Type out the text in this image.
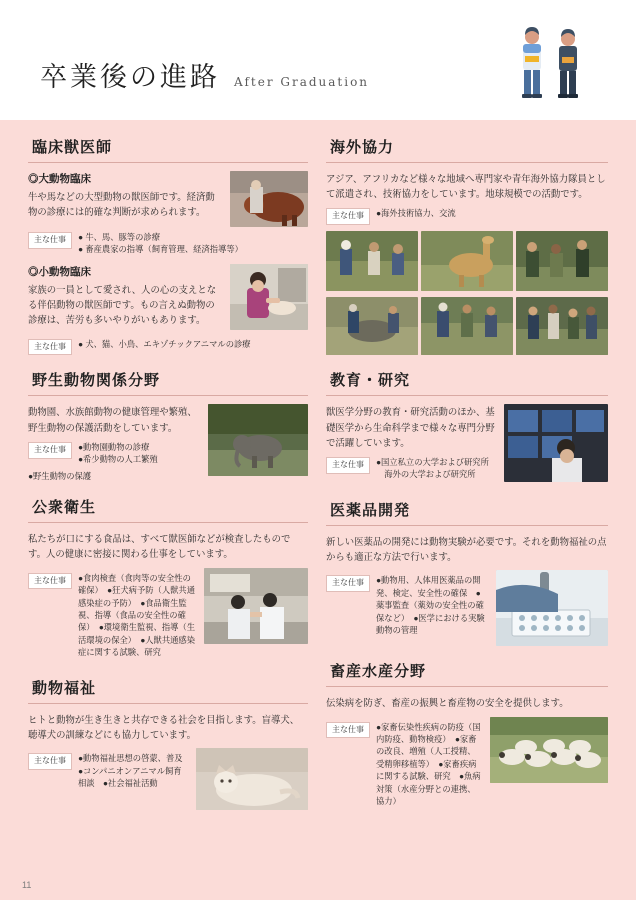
卒業後の進路 After Graduation
臨床獣医師
◎大動物臨床
牛や馬などの大型動物の獣医師です。経済動物の診療には的確な判断が求められます。
主な仕事	● 牛、馬、豚等の診療
● 畜産農家の指導（飼育管理、経済指導等）
◎小動物臨床
家族の一員として愛され、人の心の支えとなる伴侶動物の獣医師です。もの言えぬ動物の診療は、苦労も多いやりがいもあります。
主な仕事	● 犬、猫、小鳥、エキゾチックアニマルの診療
野生動物関係分野
動物園、水族館動物の健康管理や繁殖、野生動物の保護活動をしています。
主な仕事	●動物園動物の診療
●希少動物の人工繁殖
●野生動物の保護
公衆衛生
私たちが口にする食品は、すべて獣医師などが検査したものです。人の健康に密接に関わる仕事をしています。
主な仕事	●食肉検査（食肉等の安全性の確保）　●狂犬病予防（人獣共通感染症の予防）　●食品衛生監視、指導（食品の安全性の確保）　●環境衛生監視、指導（生活環境の保全）　●人獣共通感染症に関する試験、研究
動物福祉
ヒトと動物が生き生きと共存できる社会を目指します。盲導犬、聴導犬の訓練などにも協力しています。
主な仕事	●動物福祉思想の啓蒙、普及　●コンパニオンアニマル飼育相談　●社会福祉活動
海外協力
アジア、アフリカなど様々な地域へ専門家や青年海外協力隊員として派遣され、技術協力をしています。地球規模での活動です。
主な仕事	●海外技術協力、交流
教育・研究
獣医学分野の教育・研究活動のほか、基礎医学から生命科学まで様々な専門分野で活躍しています。
主な仕事	●国立私立の大学および研究所
　海外の大学および研究所
医薬品開発
新しい医薬品の開発には動物実験が必要です。それを動物福祉の点からも適正な方法で行います。
主な仕事	●動物用、人体用医薬品の開発、検定、安全性の確保　●薬事監査（薬効の安全性の確保など）　●医学における実験動物の管理
畜産水産分野
伝染病を防ぎ、畜産の振興と畜産物の安全を提供します。
主な仕事	●家畜伝染性疾病の防疫（国内防疫、動物検疫）　●家畜の改良、増殖（人工授精、受精卵移植等）　●家畜疾病に関する試験、研究　●魚病対策（水産分野との連携、協力）
11
